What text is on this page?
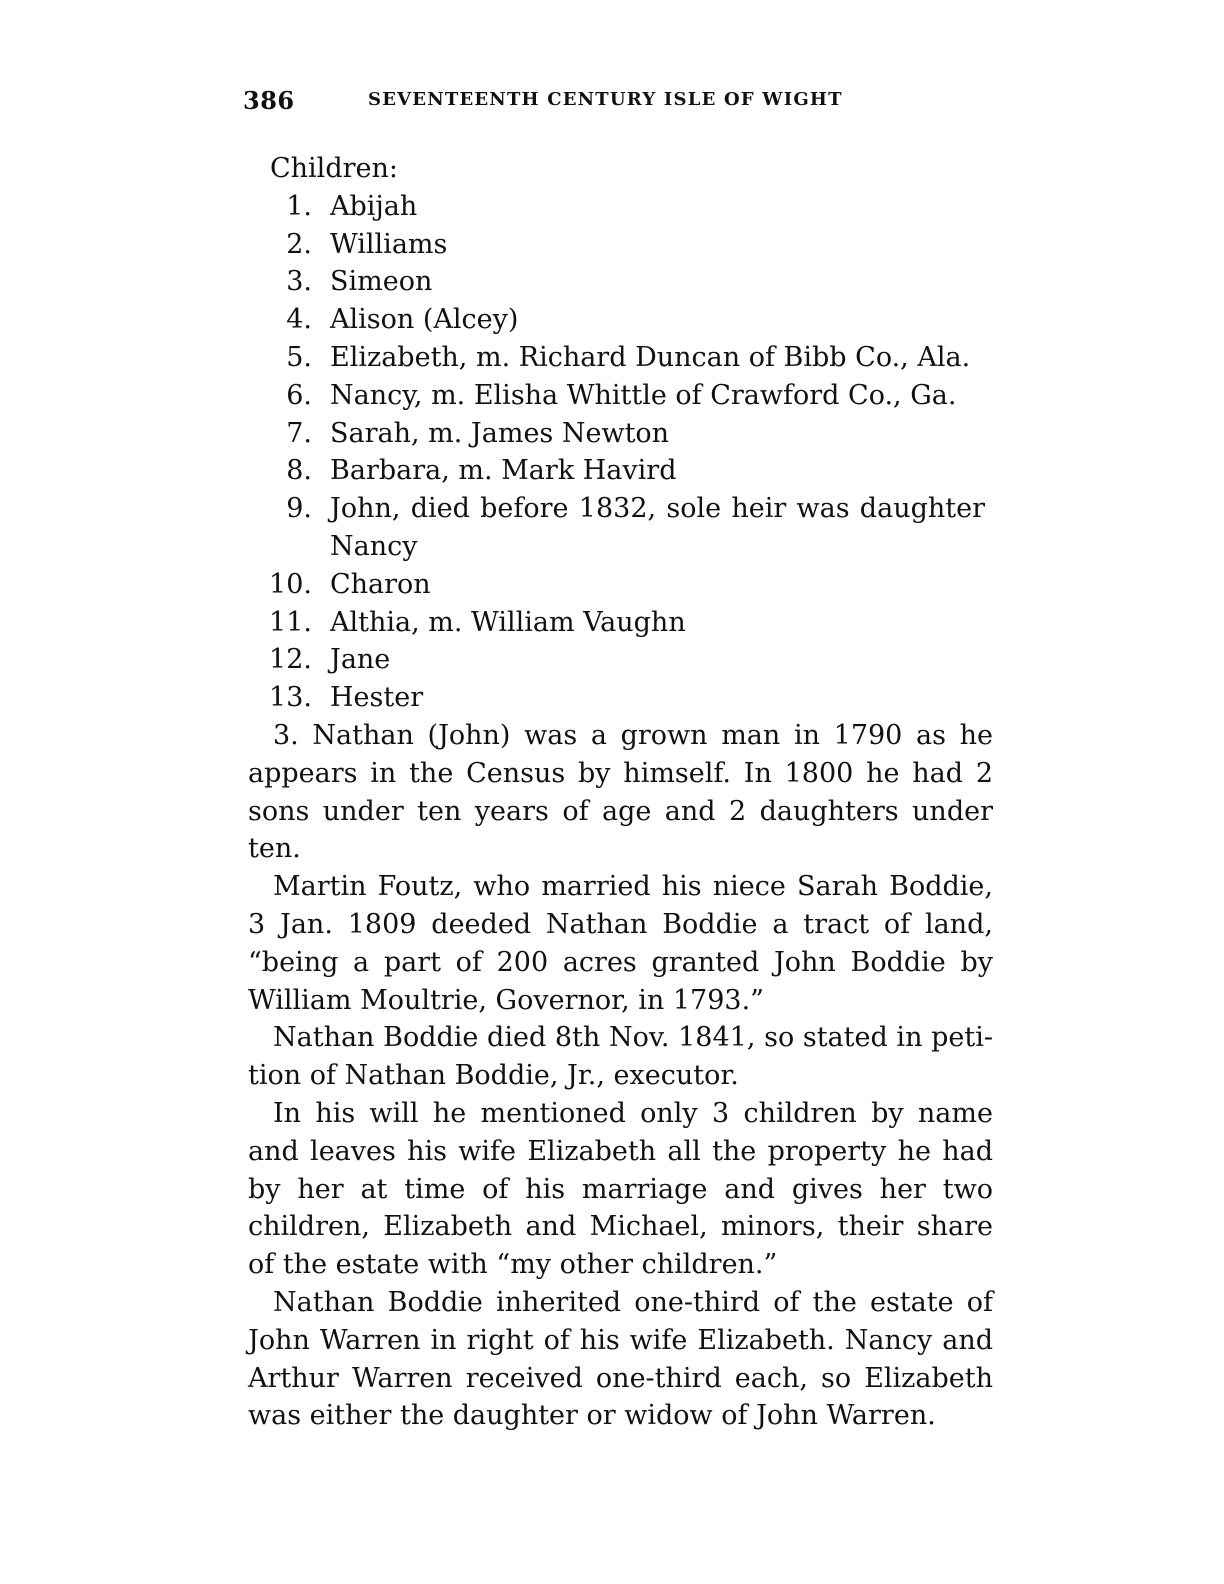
386	SEVENTEENTH CENTURY ISLE OF WIGHT
Children:
1. Abijah
2. Williams
3. Simeon
4. Alison (Alcey)
5. Elizabeth, m. Richard Duncan of Bibb Co., Ala.
6. Nancy, m. Elisha Whittle of Crawford Co., Ga.
7. Sarah, m. James Newton
8. Barbara, m. Mark Havird
9. John, died before 1832, sole heir was daughter Nancy
10. Charon
11. Althia, m. William Vaughn
12. Jane
13. Hester

3. Nathan (John) was a grown man in 1790 as he appears in the Census by himself. In 1800 he had 2 sons under ten years of age and 2 daughters under ten.

Martin Foutz, who married his niece Sarah Boddie, 3 Jan. 1809 deeded Nathan Boddie a tract of land, “being a part of 200 acres granted John Boddie by William Moultrie, Governor, in 1793.”

Nathan Boddie died 8th Nov. 1841, so stated in petition of Nathan Boddie, Jr., executor.

In his will he mentioned only 3 children by name and leaves his wife Elizabeth all the property he had by her at time of his marriage and gives her two children, Elizabeth and Michael, minors, their share of the estate with “my other children.”

Nathan Boddie inherited one-third of the estate of John Warren in right of his wife Elizabeth. Nancy and Arthur Warren received one-third each, so Elizabeth was either the daughter or widow of John Warren.
